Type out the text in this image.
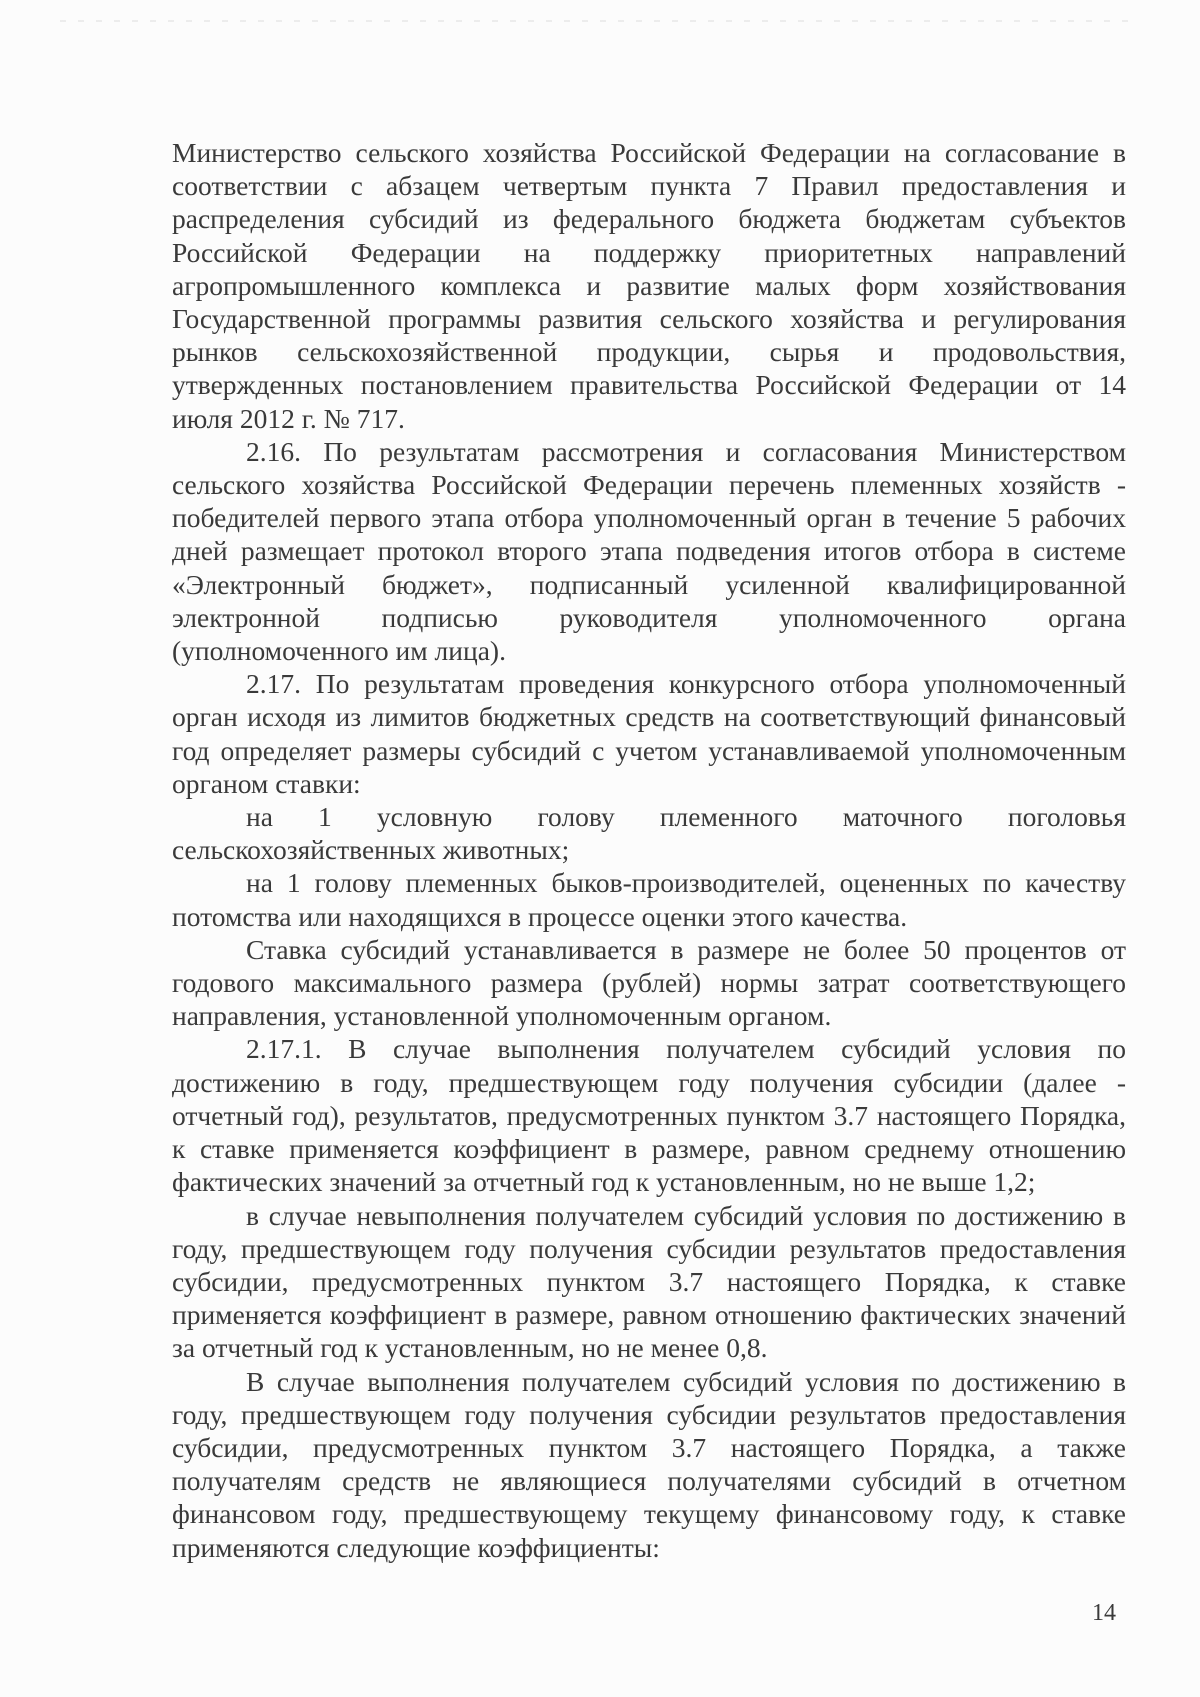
Министерство сельского хозяйства Российской Федерации на согласование в соответствии с абзацем четвертым пункта 7 Правил предоставления и распределения субсидий из федерального бюджета бюджетам субъектов Российской Федерации на поддержку приоритетных направлений агропромышленного комплекса и развитие малых форм хозяйствования Государственной программы развития сельского хозяйства и регулирования рынков сельскохозяйственной продукции, сырья и продовольствия, утвержденных постановлением правительства Российской Федерации от 14 июля 2012 г. № 717.

2.16. По результатам рассмотрения и согласования Министерством сельского хозяйства Российской Федерации перечень племенных хозяйств - победителей первого этапа отбора уполномоченный орган в течение 5 рабочих дней размещает протокол второго этапа подведения итогов отбора в системе «Электронный бюджет», подписанный усиленной квалифицированной электронной подписью руководителя уполномоченного органа (уполномоченного им лица).

2.17. По результатам проведения конкурсного отбора уполномоченный орган исходя из лимитов бюджетных средств на соответствующий финансовый год определяет размеры субсидий с учетом устанавливаемой уполномоченным органом ставки:

на 1 условную голову племенного маточного поголовья сельскохозяйственных животных;

на 1 голову племенных быков-производителей, оцененных по качеству потомства или находящихся в процессе оценки этого качества.

Ставка субсидий устанавливается в размере не более 50 процентов от годового максимального размера (рублей) нормы затрат соответствующего направления, установленной уполномоченным органом.

2.17.1. В случае выполнения получателем субсидий условия по достижению в году, предшествующем году получения субсидии (далее - отчетный год), результатов, предусмотренных пунктом 3.7 настоящего Порядка, к ставке применяется коэффициент в размере, равном среднему отношению фактических значений за отчетный год к установленным, но не выше 1,2;

в случае невыполнения получателем субсидий условия по достижению в году, предшествующем году получения субсидии результатов предоставления субсидии, предусмотренных пунктом 3.7 настоящего Порядка, к ставке применяется коэффициент в размере, равном отношению фактических значений за отчетный год к установленным, но не менее 0,8.

В случае выполнения получателем субсидий условия по достижению в году, предшествующем году получения субсидии результатов предоставления субсидии, предусмотренных пунктом 3.7 настоящего Порядка, а также получателям средств не являющиеся получателями субсидий в отчетном финансовом году, предшествующему текущему финансовому году, к ставке применяются следующие коэффициенты:

14
